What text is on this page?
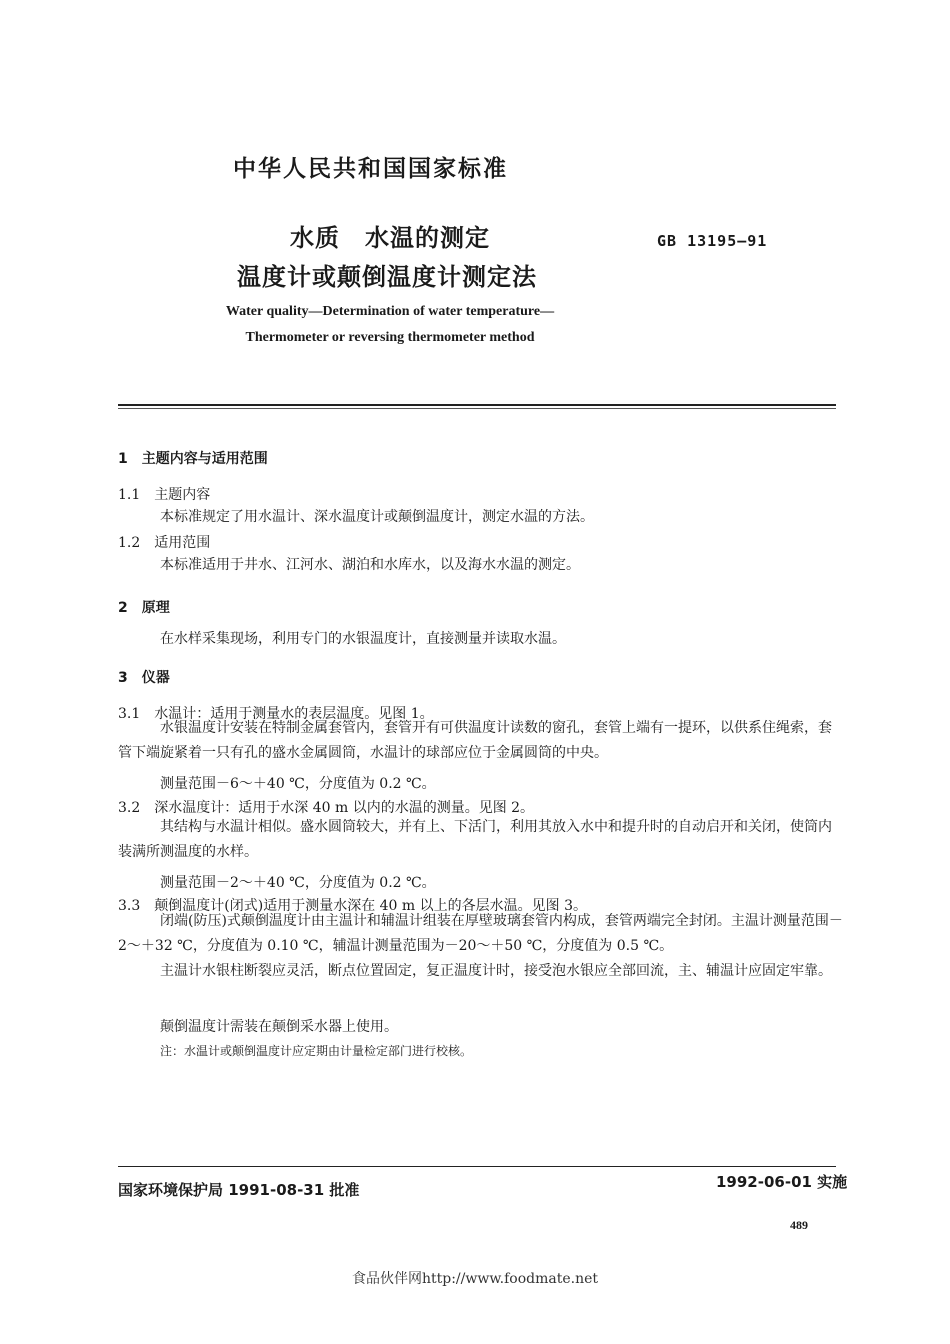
中华人民共和国国家标准
水质　水温的测定
温度计或颠倒温度计测定法
GB 13195—91
Water quality—Determination of water temperature—Thermometer or reversing thermometer method
1　主题内容与适用范围
1.1　主题内容
本标准规定了用水温计、深水温度计或颠倒温度计，测定水温的方法。
1.2　适用范围
本标准适用于井水、江河水、湖泊和水库水，以及海水水温的测定。
2　原理
在水样采集现场，利用专门的水银温度计，直接测量并读取水温。
3　仪器
3.1　水温计：适用于测量水的表层温度。见图 1。
水银温度计安装在特制金属套管内，套管开有可供温度计读数的窗孔，套管上端有一提环，以供系住绳索，套管下端旋紧着一只有孔的盛水金属圆筒，水温计的球部应位于金属圆筒的中央。
测量范围－6～＋40 ℃，分度值为 0.2 ℃。
3.2　深水温度计：适用于水深 40 m 以内的水温的测量。见图 2。
其结构与水温计相似。盛水圆筒较大，并有上、下活门，利用其放入水中和提升时的自动启开和关闭，使筒内装满所测温度的水样。
测量范围－2～＋40 ℃，分度值为 0.2 ℃。
3.3　颠倒温度计(闭式)适用于测量水深在 40 m 以上的各层水温。见图 3。
闭端(防压)式颠倒温度计由主温计和辅温计组装在厚壁玻璃套管内构成，套管两端完全封闭。主温计测量范围－2～＋32 ℃，分度值为 0.10 ℃，辅温计测量范围为－20～＋50 ℃，分度值为 0.5 ℃。
主温计水银柱断裂应灵活，断点位置固定，复正温度计时，接受泡水银应全部回流，主、辅温计应固定牢靠。
颠倒温度计需装在颠倒采水器上使用。
注：水温计或颠倒温度计应定期由计量检定部门进行校核。
国家环境保护局 1991-08-31 批准	1992-06-01 实施
489
食品伙伴网http://www.foodmate.net
